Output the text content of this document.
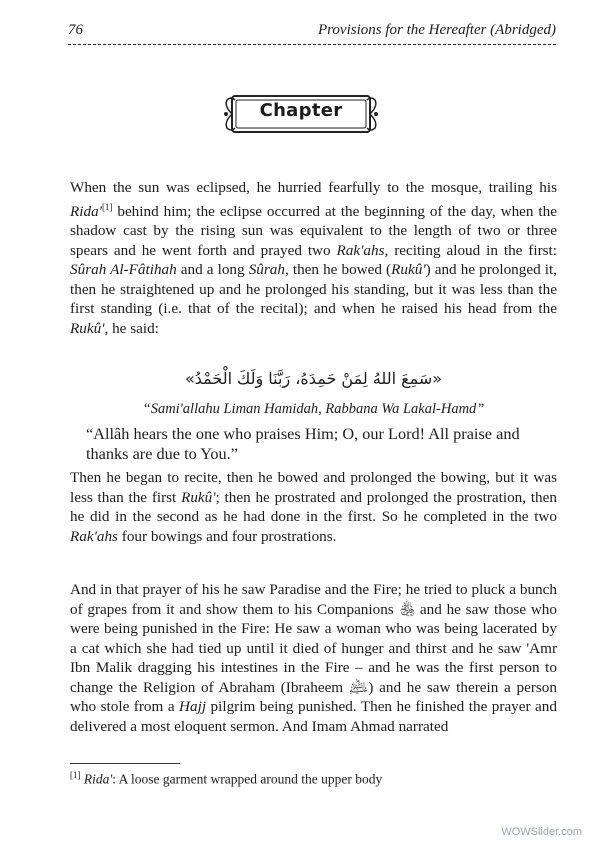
76	Provisions for the Hereafter (Abridged)
Chapter

When the sun was eclipsed, he hurried fearfully to the mosque, trailing his Rida'[1] behind him; the eclipse occurred at the beginning of the day, when the shadow cast by the rising sun was equivalent to the length of two or three spears and he went forth and prayed two Rak'ahs, reciting aloud in the first: Sûrah Al-Fâtihah and a long Sûrah, then he bowed (Rukû') and he prolonged it, then he straightened up and he prolonged his standing, but it was less than the first standing (i.e. that of the recital); and when he raised his head from the Rukû', he said:

«سَمِعَ اللهُ لِمَنْ حَمِدَهُ، رَبَّنَا وَلَكَ الْحَمْدُ»
“Sami'allahu Liman Hamidah, Rabbana Wa Lakal-Hamd”

“Allâh hears the one who praises Him; O, our Lord! All praise and thanks are due to You.”

Then he began to recite, then he bowed and prolonged the bowing, but it was less than the first Rukû'; then he prostrated and prolonged the prostration, then he did in the second as he had done in the first. So he completed in the two Rak'ahs four bowings and four prostrations.

And in that prayer of his he saw Paradise and the Fire; he tried to pluck a bunch of grapes from it and show them to his Companions ﵃ and he saw those who were being punished in the Fire: He saw a woman who was being lacerated by a cat which she had tied up until it died of hunger and thirst and he saw 'Amr Ibn Malik dragging his intestines in the Fire – and he was the first person to change the Religion of Abraham (Ibraheem ﵇) and he saw therein a person who stole from a Hajj pilgrim being punished. Then he finished the prayer and delivered a most eloquent sermon. And Imam Ahmad narrated

[1] Rida': A loose garment wrapped around the upper body

WOWSlider.com
